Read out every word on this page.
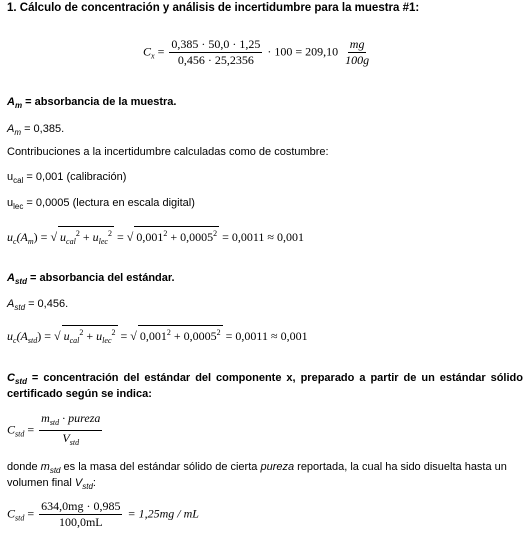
1. Cálculo de concentración y análisis de incertidumbre para la muestra #1:
$C_x = \frac{0,385 \cdot 50,0 \cdot 1,25}{0,456 \cdot 25,2356} \cdot 100 = 209,10 \frac{mg}{100g}$
$A_m$ = absorbancia de la muestra.
$A_m = 0,385$.
Contribuciones a la incertidumbre calculadas como de costumbre:
$u_{cal} = 0,001$ (calibración)
$u_{lec} = 0,0005$ (lectura en escala digital)
$u_c(A_m)$ = √ $u_{cal}^2 + u_{lec}^2$ = √ $0,001^2 + 0,0005^2 = 0,0011 \approx 0,001$
$A_{std}$ = absorbancia del estándar.
$A_{std} = 0,456$.
$u_c(A_{std})$ = √ $u_{cal}^2 + u_{lec}^2$ = √ $0,001^2 + 0,0005^2 = 0,0011 \approx 0,001$
$C_{std}$ = concentración del estándar del componente x, preparado a partir de un estándar sólido certificado según se indica:
$C_{std} = \frac{m_{std} \cdot pureza}{V_{std}}$
donde $m_{std}$ es la masa del estándar sólido de cierta pureza reportada, la cual ha sido disuelta hasta un volumen final $V_{std}$:
$C_{std} = \frac{634,0mg \cdot 0,985}{100,0mL} = 1,25mg$ / mL
